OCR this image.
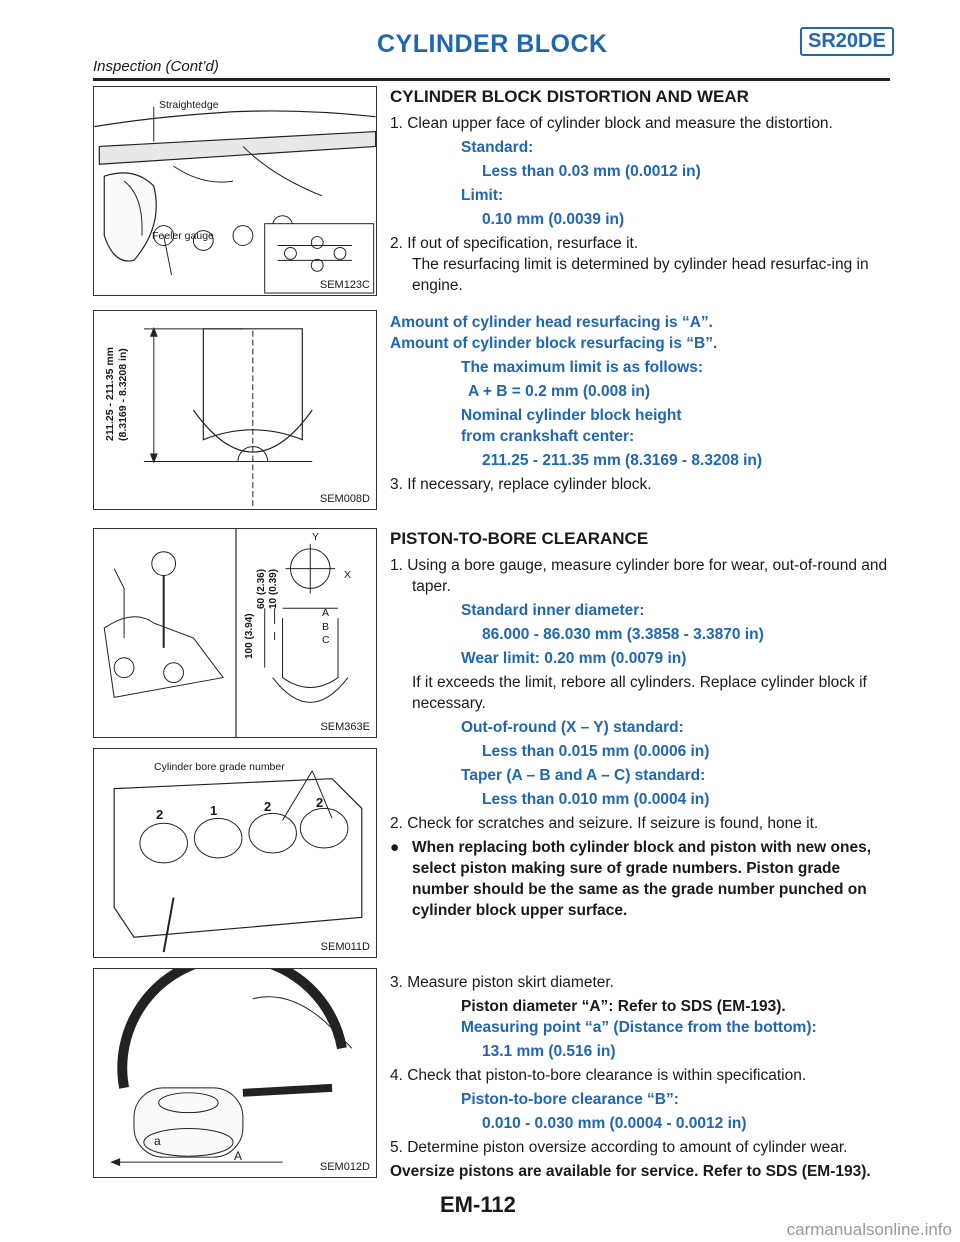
CYLINDER BLOCK	SR20DE
Inspection (Cont’d)
Straightedge
Feeler gauge
SEM123C
211.25 - 211.35 mm (8.3169 - 8.3208 in)
SEM008D
60 (2.36) 10 (0.39)
100 (3.94)
Y
X
A
B
C
SEM363E
Cylinder bore grade number
2	1	2	2
SEM011D
a
A
SEM012D

CYLINDER BLOCK DISTORTION AND WEAR

1. Clean upper face of cylinder block and measure the distortion.

Standard:

Less than 0.03 mm (0.0012 in)

Limit:

0.10 mm (0.0039 in)

2. If out of specification, resurface it.

The resurfacing limit is determined by cylinder head resurfac-ing in engine.

Amount of cylinder head resurfacing is “A”.

Amount of cylinder block resurfacing is “B”.

The maximum limit is as follows:

A + B = 0.2 mm (0.008 in)

Nominal cylinder block height

from crankshaft center:

211.25 - 211.35 mm (8.3169 - 8.3208 in)

3. If necessary, replace cylinder block.

PISTON-TO-BORE CLEARANCE

1. Using a bore gauge, measure cylinder bore for wear, out-of-round and taper.

Standard inner diameter:

86.000 - 86.030 mm (3.3858 - 3.3870 in)

Wear limit: 0.20 mm (0.0079 in)

If it exceeds the limit, rebore all cylinders. Replace cylinder block if necessary.

Out-of-round (X – Y) standard:

Less than 0.015 mm (0.0006 in)

Taper (A – B and A – C) standard:

Less than 0.010 mm (0.0004 in)

2. Check for scratches and seizure. If seizure is found, hone it.

● When replacing both cylinder block and piston with new ones, select piston making sure of grade numbers. Piston grade number should be the same as the grade number punched on cylinder block upper surface.

3. Measure piston skirt diameter.

Piston diameter “A”: Refer to SDS (EM-193).

Measuring point “a” (Distance from the bottom):

13.1 mm (0.516 in)

4. Check that piston-to-bore clearance is within specification.

Piston-to-bore clearance “B”:

0.010 - 0.030 mm (0.0004 - 0.0012 in)

5. Determine piston oversize according to amount of cylinder wear.

Oversize pistons are available for service. Refer to SDS (EM-193).

EM-112
carmanualsonline.info
